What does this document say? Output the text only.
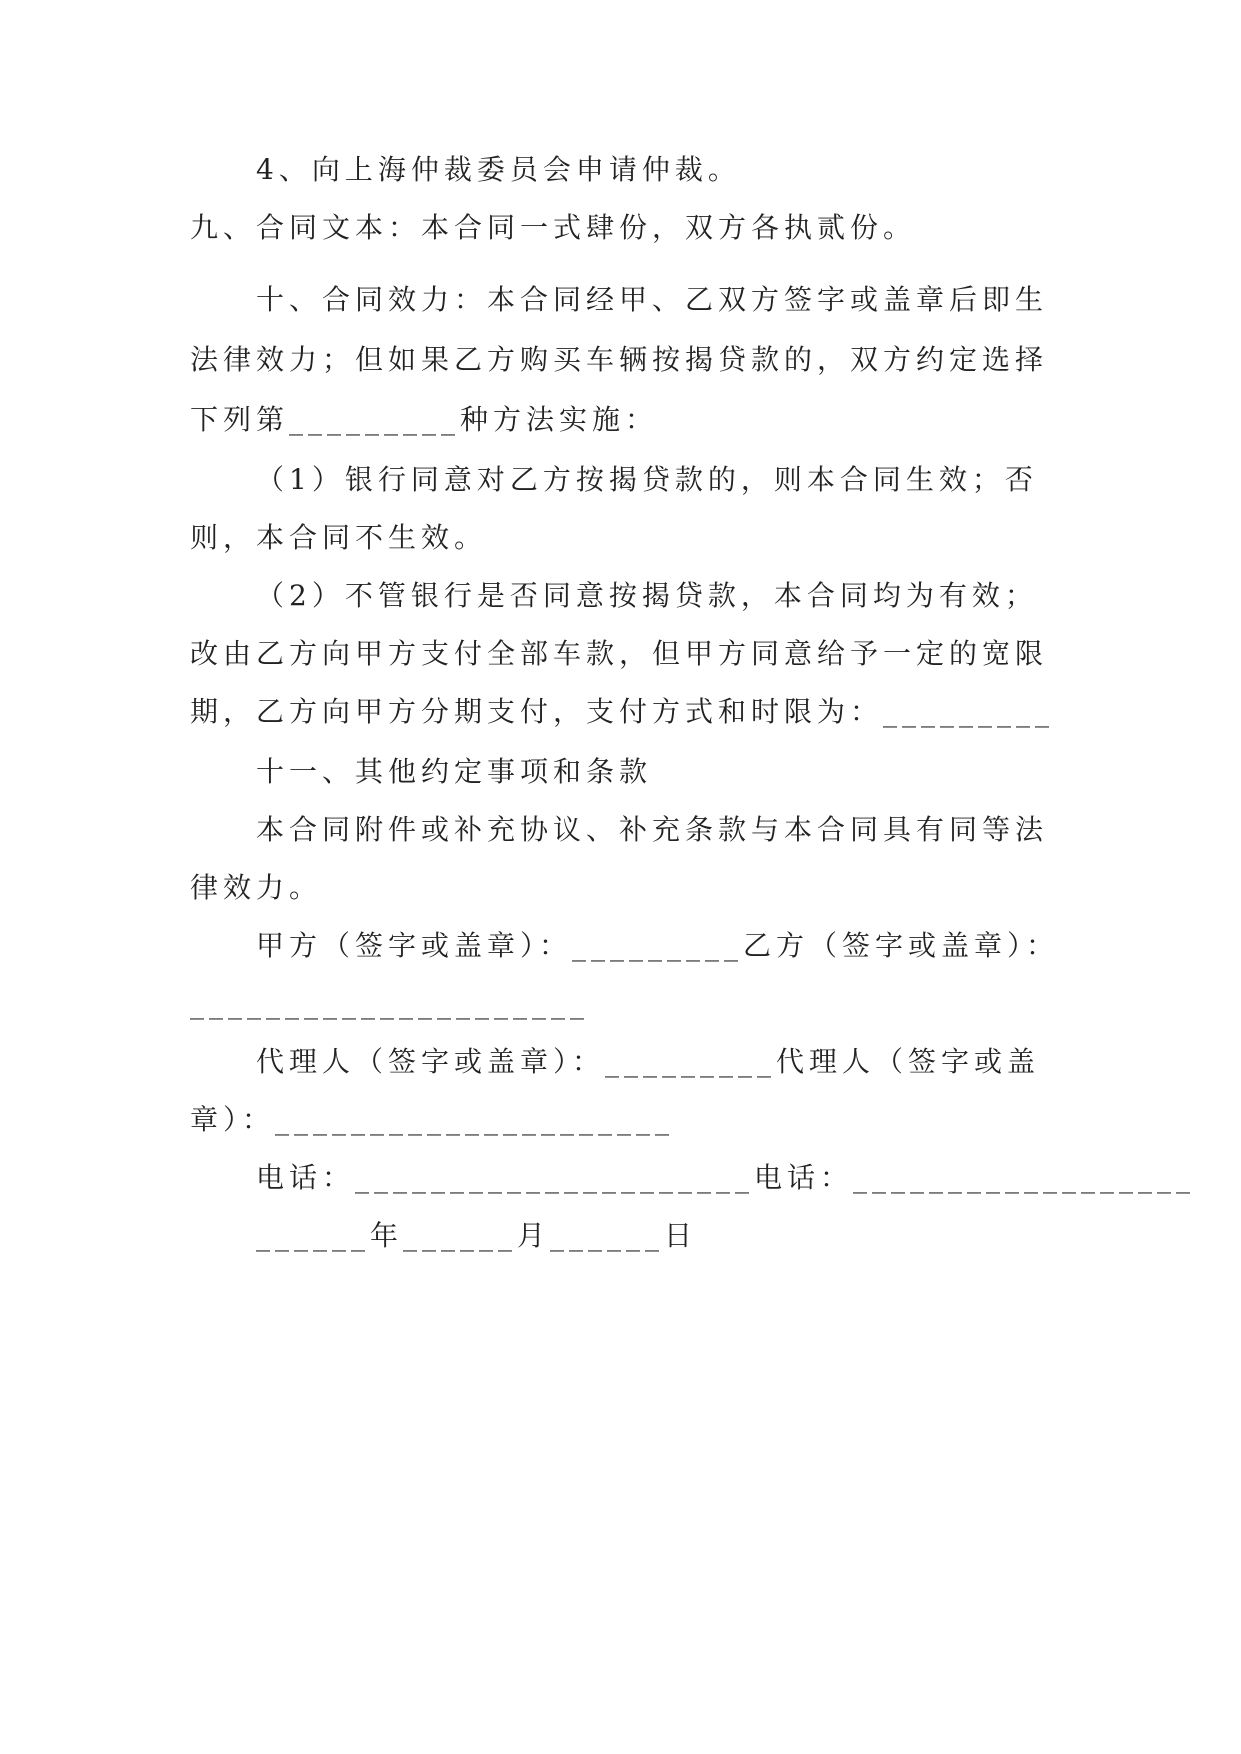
4、向上海仲裁委员会申请仲裁。
九、合同文本：本合同一式肆份，双方各执贰份。
十、合同效力：本合同经甲、乙双方签字或盖章后即生
法律效力；但如果乙方购买车辆按揭贷款的，双方约定选择
下列第_________种方法实施：
（1）银行同意对乙方按揭贷款的，则本合同生效；否
则，本合同不生效。
（2）不管银行是否同意按揭贷款，本合同均为有效；
改由乙方向甲方支付全部车款，但甲方同意给予一定的宽限
期，乙方向甲方分期支付，支付方式和时限为：_________
十一、其他约定事项和条款
本合同附件或补充协议、补充条款与本合同具有同等法
律效力。
甲方（签字或盖章）：_________乙方（签字或盖章）：
_____________________
代理人（签字或盖章）：_________代理人（签字或盖
章）：_____________________
电话：_____________________电话：__________________
______年______月______日
